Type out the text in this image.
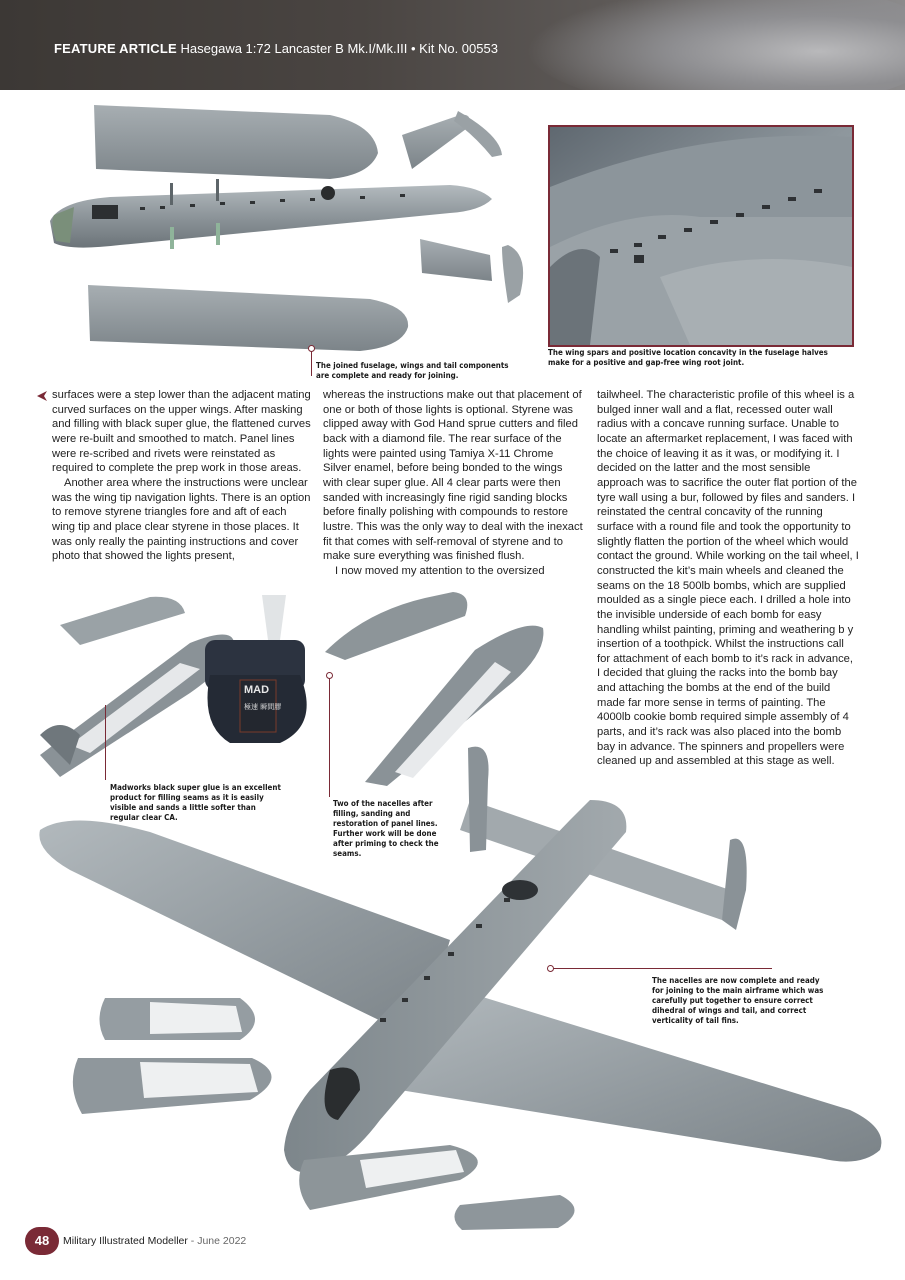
FEATURE ARTICLE Hasegawa 1:72 Lancaster B Mk.I/Mk.III • Kit No. 00553
The joined fuselage, wings and tail components are complete and ready for joining.
The wing spars and positive location concavity in the fuselage halves make for a positive and gap-free wing root joint.

surfaces were a step lower than the adjacent mating curved surfaces on the upper wings. After masking and filling with black super glue, the flattened curves were re-built and smoothed to match. Panel lines were re-scribed and rivets were reinstated as required to complete the prep work in those areas.

Another area where the instructions were unclear was the wing tip navigation lights. There is an option to remove styrene triangles fore and aft of each wing tip and place clear styrene in those places. It was only really the painting instructions and cover photo that showed the lights present,

whereas the instructions make out that placement of one or both of those lights is optional. Styrene was clipped away with God Hand sprue cutters and filed back with a diamond file. The rear surface of the lights were painted using Tamiya X-11 Chrome Silver enamel, before being bonded to the wings with clear super glue. All 4 clear parts were then sanded with increasingly fine rigid sanding blocks before finally polishing with compounds to restore lustre. This was the only way to deal with the inexact fit that comes with self-removal of styrene and to make sure everything was finished flush.

I now moved my attention to the oversized

tailwheel. The characteristic profile of this wheel is a bulged inner wall and a flat, recessed outer wall radius with a concave running surface. Unable to locate an aftermarket replacement, I was faced with the choice of leaving it as it was, or modifying it. I decided on the latter and the most sensible approach was to sacrifice the outer flat portion of the tyre wall using a bur, followed by files and sanders. I reinstated the central concavity of the running surface with a round file and took the opportunity to slightly flatten the portion of the wheel which would contact the ground. While working on the tail wheel, I constructed the kit’s main wheels and cleaned the seams on the 18 500lb bombs, which are supplied moulded as a single piece each. I drilled a hole into the invisible underside of each bomb for easy handling whilst painting, priming and weathering b y insertion of a toothpick. Whilst the instructions call for attachment of each bomb to it’s rack in advance, I decided that gluing the racks into the bomb bay and attaching the bombs at the end of the build made far more sense in terms of painting. The 4000lb cookie bomb required simple assembly of 4 parts, and it’s rack was also placed into the bomb bay in advance. The spinners and propellers were cleaned up and assembled at this stage as well.

MAD
極速 瞬間膠
Madworks black super glue is an excellent product for filling seams as it is easily visible and sands a little softer than regular clear CA.
Two of the nacelles after filling, sanding and restoration of panel lines. Further work will be done after priming to check the seams.
The nacelles are now complete and ready for joining to the main airframe which was carefully put together to ensure correct dihedral of wings and tail, and correct verticality of tail fins.
48	Military Illustrated Modeller - June 2022
